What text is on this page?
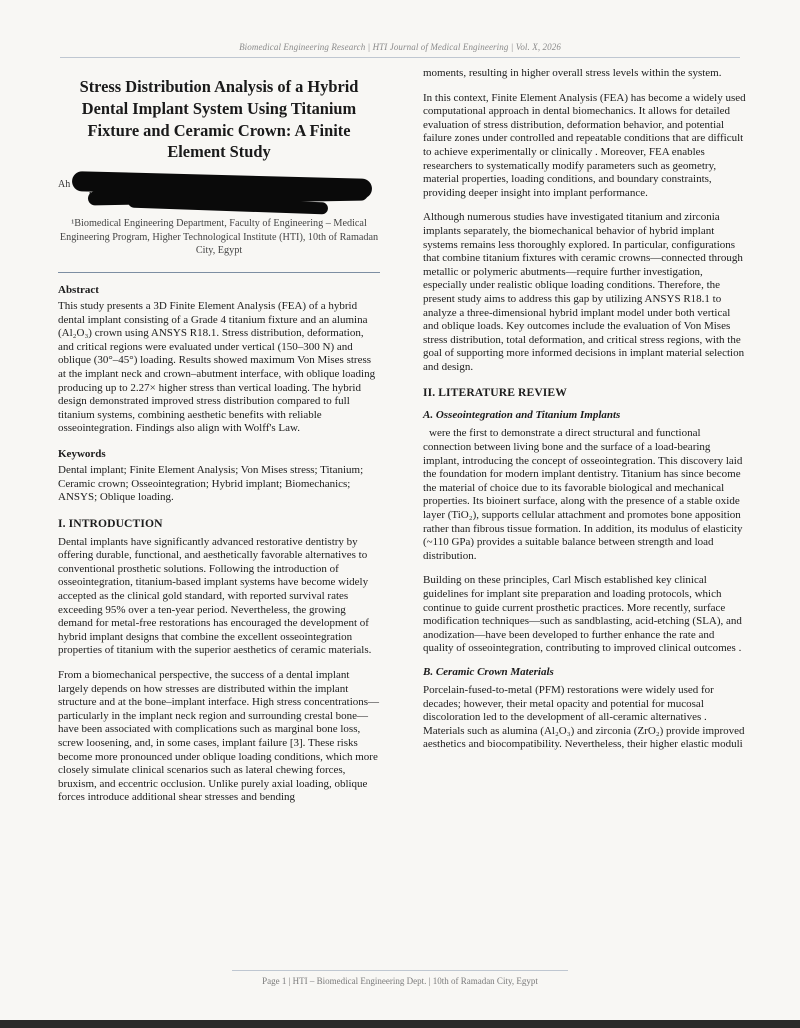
Biomedical Engineering Research | HTI Journal of Medical Engineering | Vol. X, 2026
Stress Distribution Analysis of a Hybrid Dental Implant System Using Titanium Fixture and Ceramic Crown: A Finite Element Study
Ah
¹Biomedical Engineering Department, Faculty of Engineering – Medical Engineering Program, Higher Technological Institute (HTI), 10th of Ramadan City, Egypt
Abstract

This study presents a 3D Finite Element Analysis (FEA) of a hybrid dental implant consisting of a Grade 4 titanium fixture and an alumina (Al₂O₃) crown using ANSYS R18.1. Stress distribution, deformation, and critical regions were evaluated under vertical (150–300 N) and oblique (30°–45°) loading. Results showed maximum Von Mises stress at the implant neck and crown–abutment interface, with oblique loading producing up to 2.27× higher stress than vertical loading. The hybrid design demonstrated improved stress distribution compared to full titanium systems, combining aesthetic benefits with reliable osseointegration. Findings also align with Wolff's Law.

Keywords

Dental implant; Finite Element Analysis; Von Mises stress; Titanium; Ceramic crown; Osseointegration; Hybrid implant; Biomechanics; ANSYS; Oblique loading.

I. INTRODUCTION

Dental implants have significantly advanced restorative dentistry by offering durable, functional, and aesthetically favorable alternatives to conventional prosthetic solutions. Following the introduction of osseointegration, titanium-based implant systems have become widely accepted as the clinical gold standard, with reported survival rates exceeding 95% over a ten-year period. Nevertheless, the growing demand for metal-free restorations has encouraged the development of hybrid implant designs that combine the excellent osseointegration properties of titanium with the superior aesthetics of ceramic materials.

From a biomechanical perspective, the success of a dental implant largely depends on how stresses are distributed within the implant structure and at the bone–implant interface. High stress concentrations—particularly in the implant neck region and surrounding crestal bone—have been associated with complications such as marginal bone loss, screw loosening, and, in some cases, implant failure [3]. These risks become more pronounced under oblique loading conditions, which more closely simulate clinical scenarios such as lateral chewing forces, bruxism, and eccentric occlusion. Unlike purely axial loading, oblique forces introduce additional shear stresses and bending

moments, resulting in higher overall stress levels within the system.

In this context, Finite Element Analysis (FEA) has become a widely used computational approach in dental biomechanics. It allows for detailed evaluation of stress distribution, deformation behavior, and potential failure zones under controlled and repeatable conditions that are difficult to achieve experimentally or clinically . Moreover, FEA enables researchers to systematically modify parameters such as geometry, material properties, loading conditions, and boundary constraints, providing deeper insight into implant performance.

Although numerous studies have investigated titanium and zirconia implants separately, the biomechanical behavior of hybrid implant systems remains less thoroughly explored. In particular, configurations that combine titanium fixtures with ceramic crowns—connected through metallic or polymeric abutments—require further investigation, especially under realistic oblique loading conditions. Therefore, the present study aims to address this gap by utilizing ANSYS R18.1 to analyze a three-dimensional hybrid implant model under both vertical and oblique loads. Key outcomes include the evaluation of Von Mises stress distribution, total deformation, and critical stress regions, with the goal of supporting more informed decisions in implant material selection and design.

II. LITERATURE REVIEW
A. Osseointegration and Titanium Implants

were the first to demonstrate a direct structural and functional connection between living bone and the surface of a load-bearing implant, introducing the concept of osseointegration. This discovery laid the foundation for modern implant dentistry. Titanium has since become the material of choice due to its favorable biological and mechanical properties. Its bioinert surface, along with the presence of a stable oxide layer (TiO₂), supports cellular attachment and promotes bone apposition rather than fibrous tissue formation. In addition, its modulus of elasticity (~110 GPa) provides a suitable balance between strength and load distribution.

Building on these principles, Carl Misch established key clinical guidelines for implant site preparation and loading protocols, which continue to guide current prosthetic practices. More recently, surface modification techniques—such as sandblasting, acid-etching (SLA), and anodization—have been developed to further enhance the rate and quality of osseointegration, contributing to improved clinical outcomes .

B. Ceramic Crown Materials

Porcelain-fused-to-metal (PFM) restorations were widely used for decades; however, their metal opacity and potential for mucosal discoloration led to the development of all-ceramic alternatives . Materials such as alumina (Al₂O₃) and zirconia (ZrO₂) provide improved aesthetics and biocompatibility. Nevertheless, their higher elastic moduli

Page 1 | HTI – Biomedical Engineering Dept. | 10th of Ramadan City, Egypt
